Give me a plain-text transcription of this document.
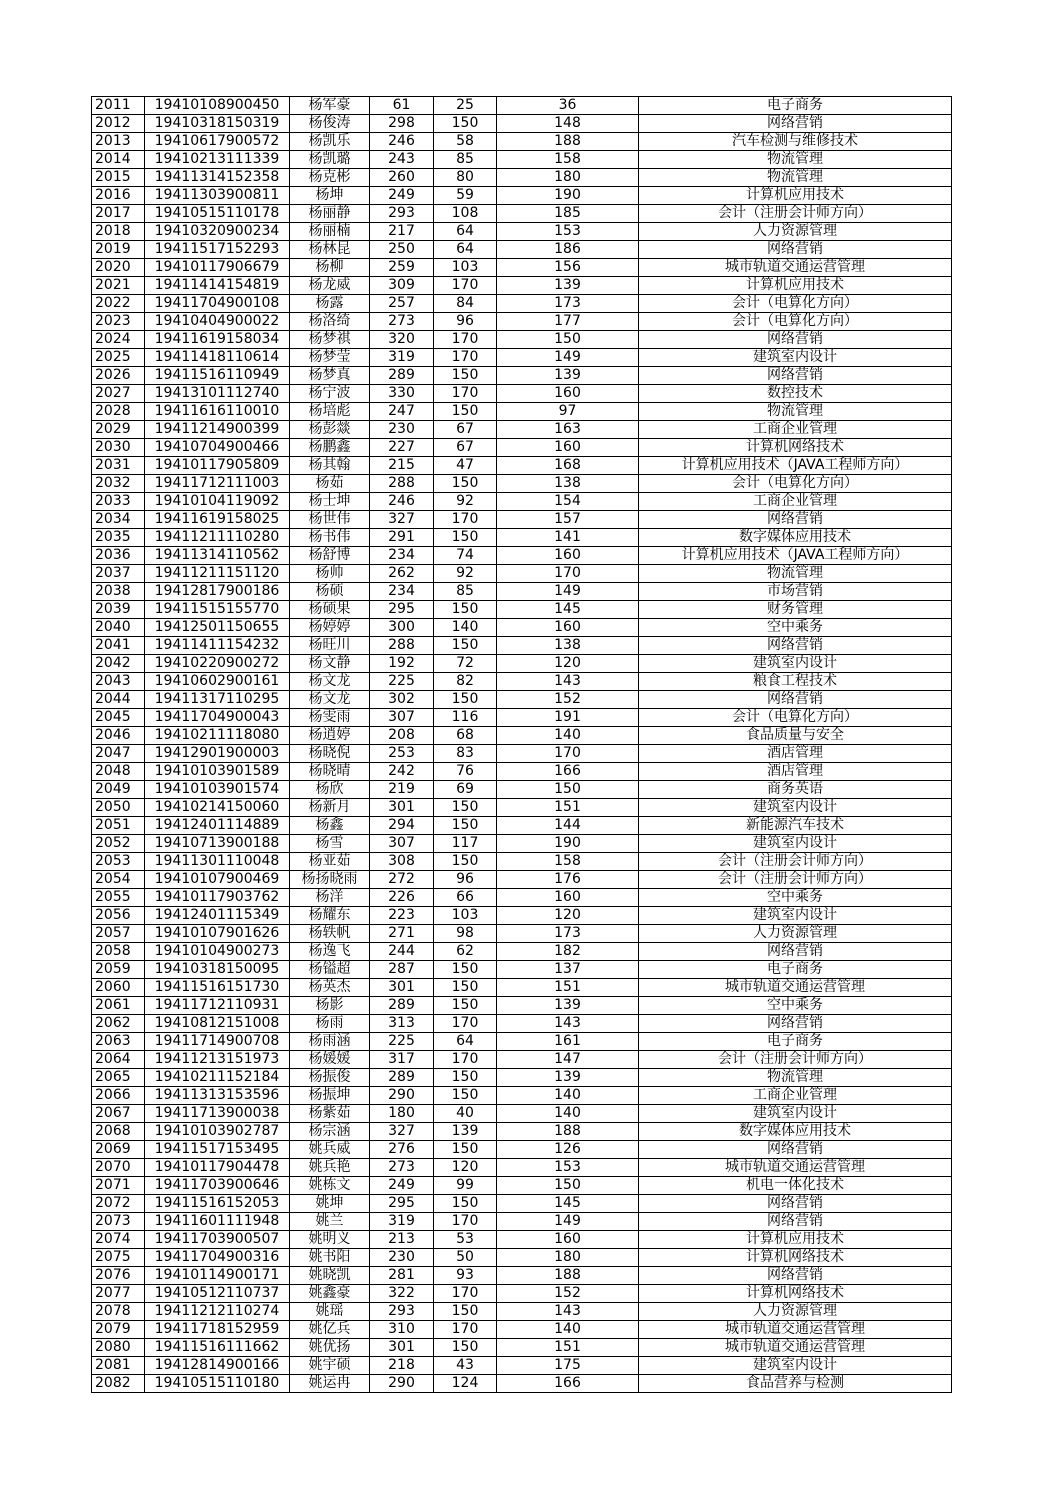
2011	19410108900450	杨军豪	61	25	36	电子商务
2012	19410318150319	杨俊涛	298	150	148	网络营销
2013	19410617900572	杨凯乐	246	58	188	汽车检测与维修技术
2014	19410213111339	杨凯璐	243	85	158	物流管理
2015	19411314152358	杨克彬	260	80	180	物流管理
2016	19411303900811	杨坤	249	59	190	计算机应用技术
2017	19410515110178	杨丽静	293	108	185	会计（注册会计师方向）
2018	19410320900234	杨丽楠	217	64	153	人力资源管理
2019	19411517152293	杨林昆	250	64	186	网络营销
2020	19410117906679	杨柳	259	103	156	城市轨道交通运营管理
2021	19411414154819	杨龙威	309	170	139	计算机应用技术
2022	19411704900108	杨露	257	84	173	会计（电算化方向）
2023	19410404900022	杨洛绮	273	96	177	会计（电算化方向）
2024	19411619158034	杨梦祺	320	170	150	网络营销
2025	19411418110614	杨梦莹	319	170	149	建筑室内设计
2026	19411516110949	杨梦真	289	150	139	网络营销
2027	19413101112740	杨宁波	330	170	160	数控技术
2028	19411616110010	杨培彪	247	150	97	物流管理
2029	19411214900399	杨彭燚	230	67	163	工商企业管理
2030	19410704900466	杨鹏鑫	227	67	160	计算机网络技术
2031	19410117905809	杨其翰	215	47	168	计算机应用技术（JAVA工程师方向）
2032	19411712111003	杨茹	288	150	138	会计（电算化方向）
2033	19410104119092	杨士坤	246	92	154	工商企业管理
2034	19411619158025	杨世伟	327	170	157	网络营销
2035	19411211110280	杨书伟	291	150	141	数字媒体应用技术
2036	19411314110562	杨舒博	234	74	160	计算机应用技术（JAVA工程师方向）
2037	19411211151120	杨帅	262	92	170	物流管理
2038	19412817900186	杨硕	234	85	149	市场营销
2039	19411515155770	杨硕果	295	150	145	财务管理
2040	19412501150655	杨婷婷	300	140	160	空中乘务
2041	19411411154232	杨旺川	288	150	138	网络营销
2042	19410220900272	杨文静	192	72	120	建筑室内设计
2043	19410602900161	杨文龙	225	82	143	粮食工程技术
2044	19411317110295	杨文龙	302	150	152	网络营销
2045	19411704900043	杨雯雨	307	116	191	会计（电算化方向）
2046	19410211118080	杨逍婷	208	68	140	食品质量与安全
2047	19412901900003	杨晓倪	253	83	170	酒店管理
2048	19410103901589	杨晓晴	242	76	166	酒店管理
2049	19410103901574	杨欣	219	69	150	商务英语
2050	19410214150060	杨新月	301	150	151	建筑室内设计
2051	19412401114889	杨鑫	294	150	144	新能源汽车技术
2052	19410713900188	杨雪	307	117	190	建筑室内设计
2053	19411301110048	杨亚茹	308	150	158	会计（注册会计师方向）
2054	19410107900469	杨扬晓雨	272	96	176	会计（注册会计师方向）
2055	19410117903762	杨洋	226	66	160	空中乘务
2056	19412401115349	杨耀东	223	103	120	建筑室内设计
2057	19410107901626	杨轶帆	271	98	173	人力资源管理
2058	19410104900273	杨逸飞	244	62	182	网络营销
2059	19410318150095	杨镒超	287	150	137	电子商务
2060	19411516151730	杨英杰	301	150	151	城市轨道交通运营管理
2061	19411712110931	杨影	289	150	139	空中乘务
2062	19410812151008	杨雨	313	170	143	网络营销
2063	19411714900708	杨雨涵	225	64	161	电子商务
2064	19411213151973	杨媛媛	317	170	147	会计（注册会计师方向）
2065	19410211152184	杨振俊	289	150	139	物流管理
2066	19411313153596	杨振坤	290	150	140	工商企业管理
2067	19411713900038	杨紫茹	180	40	140	建筑室内设计
2068	19410103902787	杨宗涵	327	139	188	数字媒体应用技术
2069	19411517153495	姚兵威	276	150	126	网络营销
2070	19410117904478	姚兵艳	273	120	153	城市轨道交通运营管理
2071	19411703900646	姚栋文	249	99	150	机电一体化技术
2072	19411516152053	姚坤	295	150	145	网络营销
2073	19411601111948	姚兰	319	170	149	网络营销
2074	19411703900507	姚明义	213	53	160	计算机应用技术
2075	19411704900316	姚书阳	230	50	180	计算机网络技术
2076	19410114900171	姚晓凯	281	93	188	网络营销
2077	19410512110737	姚鑫豪	322	170	152	计算机网络技术
2078	19411212110274	姚瑶	293	150	143	人力资源管理
2079	19411718152959	姚亿兵	310	170	140	城市轨道交通运营管理
2080	19411516111662	姚优扬	301	150	151	城市轨道交通运营管理
2081	19412814900166	姚宇硕	218	43	175	建筑室内设计
2082	19410515110180	姚运冉	290	124	166	食品营养与检测
